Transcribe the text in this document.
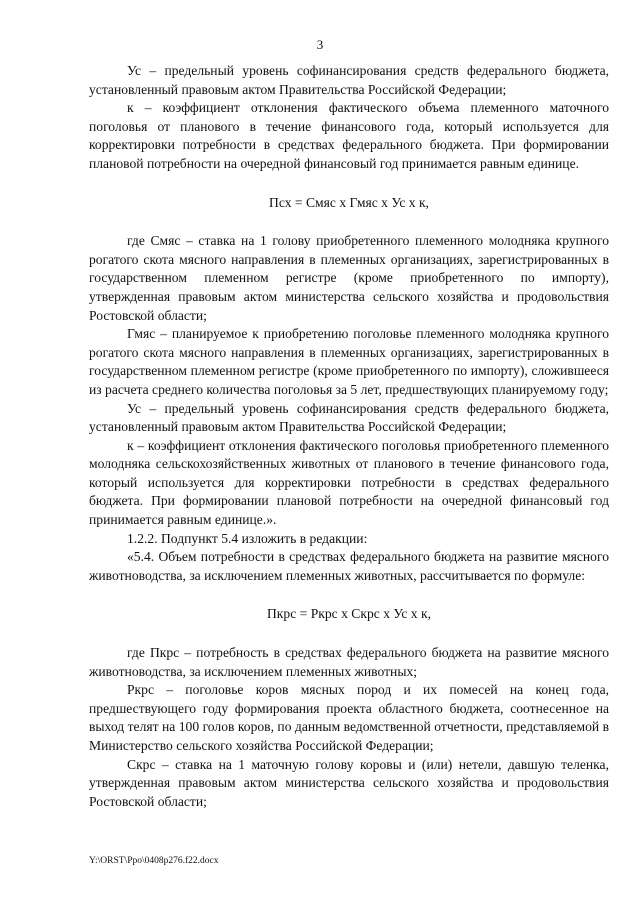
3

Ус – предельный уровень софинансирования средств федерального бюджета, установленный правовым актом Правительства Российской Федерации;

к – коэффициент отклонения фактического объема племенного маточного поголовья от планового в течение финансового года, который используется для корректировки потребности в средствах федерального бюджета. При формировании плановой потребности на очередной финансовый год принимается равным единице.

Псх = Смяс х Гмяс х Ус х к,

где Смяс – ставка на 1 голову приобретенного племенного молодняка крупного рогатого скота мясного направления в племенных организациях, зарегистрированных в государственном племенном регистре (кроме приобретенного по импорту), утвержденная правовым актом министерства сельского хозяйства и продовольствия Ростовской области;

Гмяс – планируемое к приобретению поголовье племенного молодняка крупного рогатого скота мясного направления в племенных организациях, зарегистрированных в государственном племенном регистре (кроме приобретенного по импорту), сложившееся из расчета среднего количества поголовья за 5 лет, предшествующих планируемому году;

Ус – предельный уровень софинансирования средств федерального бюджета, установленный правовым актом Правительства Российской Федерации;

к – коэффициент отклонения фактического поголовья приобретенного племенного молодняка сельскохозяйственных животных от планового в течение финансового года, который используется для корректировки потребности в средствах федерального бюджета. При формировании плановой потребности на очередной финансовый год принимается равным единице.».

1.2.2. Подпункт 5.4 изложить в редакции:

«5.4. Объем потребности в средствах федерального бюджета на развитие мясного животноводства, за исключением племенных животных, рассчитывается по формуле:

Пкрс = Ркрс х Скрс х Ус х к,

где Пкрс – потребность в средствах федерального бюджета на развитие мясного животноводства, за исключением племенных животных;

Ркрс – поголовье коров мясных пород и их помесей на конец года, предшествующего году формирования проекта областного бюджета, соотнесенное на выход телят на 100 голов коров, по данным ведомственной отчетности, представляемой в Министерство сельского хозяйства Российской Федерации;

Скрс – ставка на 1 маточную голову коровы и (или) нетели, давшую теленка, утвержденная правовым актом министерства сельского хозяйства и продовольствия Ростовской области;

Y:\ORST\Ppo\0408p276.f22.docx
